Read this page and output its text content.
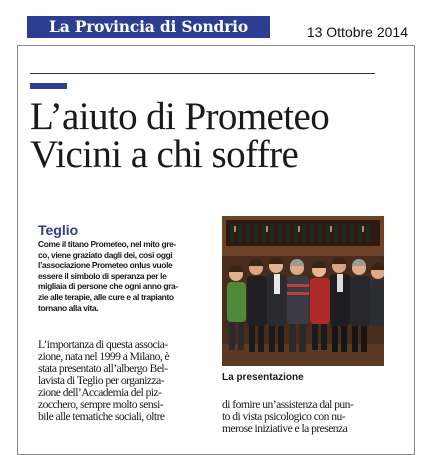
La Provincia di Sondrio	13 Ottobre 2014
L’aiuto di Prometeo
Vicini a chi soffre
Teglio

Come il titano Prometeo, nel mito gre-
co, viene graziato dagli dei, così oggi
l’associazione Prometeo onlus vuole
essere il simbolo di speranza per le
migliaia di persone che ogni anno gra-
zie alle terapie, alle cure e al trapianto
tornano alla vita.

L’importanza di questa associa-
zione, nata nel 1999 a Milano, è
stata presentato all’albergo Bel-
lavista di Teglio per organizza-
zione dell’Accademia del piz-
zocchero, sempre molto sensi-
bile alle tematiche sociali, oltre

La presentazione

di fornire un’assistenza dal pun-
to di vista psicologico con nu-
merose iniziative e la presenza
